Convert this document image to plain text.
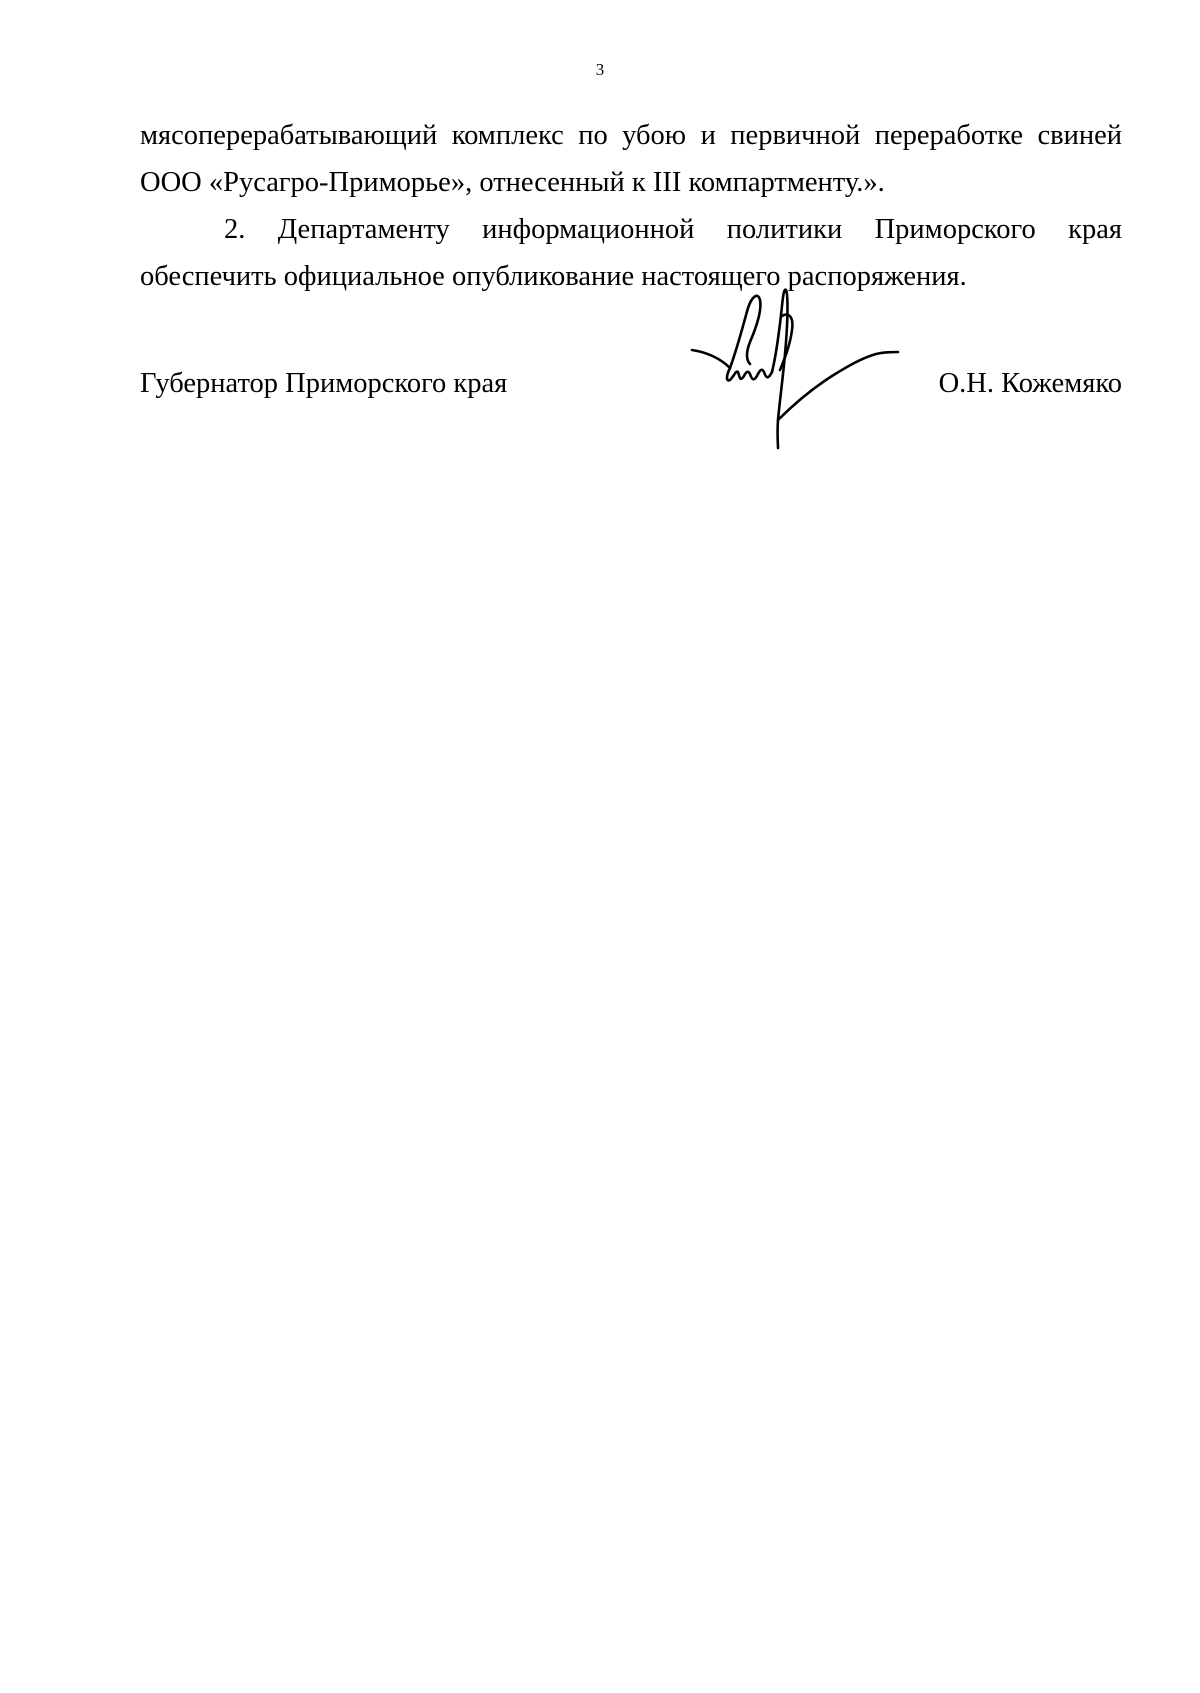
3

мясоперерабатывающий комплекс по убою и первичной переработке свиней ООО «Русагро-Приморье», отнесенный к III компартменту.».

2. Департаменту информационной политики Приморского края обеспечить официальное опубликование настоящего распоряжения.

Губернатор Приморского края	О.Н. Кожемяко
